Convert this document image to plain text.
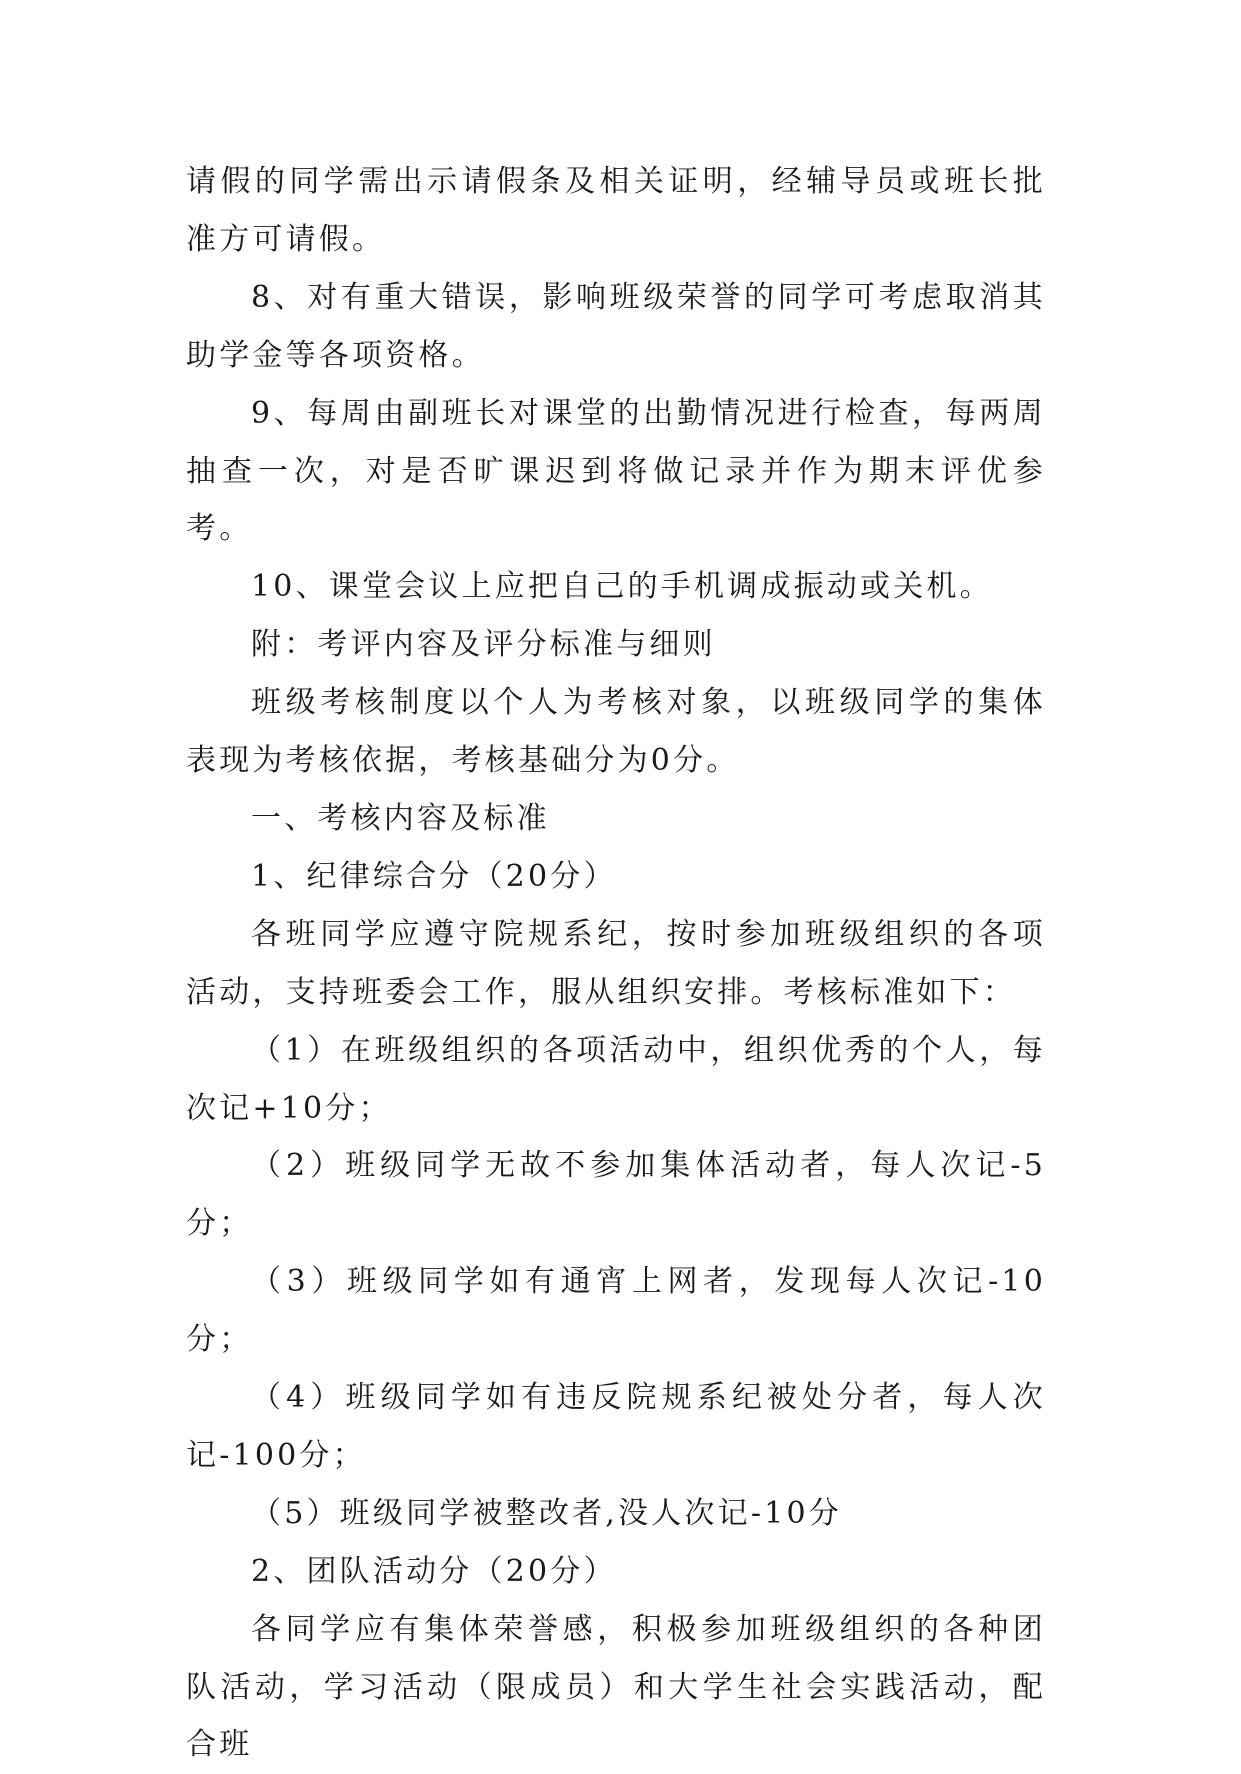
请假的同学需出示请假条及相关证明，经辅导员或班长批准方可请假。

8、对有重大错误，影响班级荣誉的同学可考虑取消其助学金等各项资格。

9、每周由副班长对课堂的出勤情况进行检查，每两周抽查一次，对是否旷课迟到将做记录并作为期末评优参考。

10、课堂会议上应把自己的手机调成振动或关机。

附：考评内容及评分标准与细则

班级考核制度以个人为考核对象，以班级同学的集体表现为考核依据，考核基础分为0分。

一、考核内容及标准

1、纪律综合分（20分）

各班同学应遵守院规系纪，按时参加班级组织的各项活动，支持班委会工作，服从组织安排。考核标准如下：

（1）在班级组织的各项活动中，组织优秀的个人，每次记+10分；

（2）班级同学无故不参加集体活动者，每人次记-5分；

（3）班级同学如有通宵上网者，发现每人次记-10分；

（4）班级同学如有违反院规系纪被处分者，每人次记-100分；

（5）班级同学被整改者,没人次记-10分

2、团队活动分（20分）

各同学应有集体荣誉感，积极参加班级组织的各种团队活动，学习活动（限成员）和大学生社会实践活动，配合班
